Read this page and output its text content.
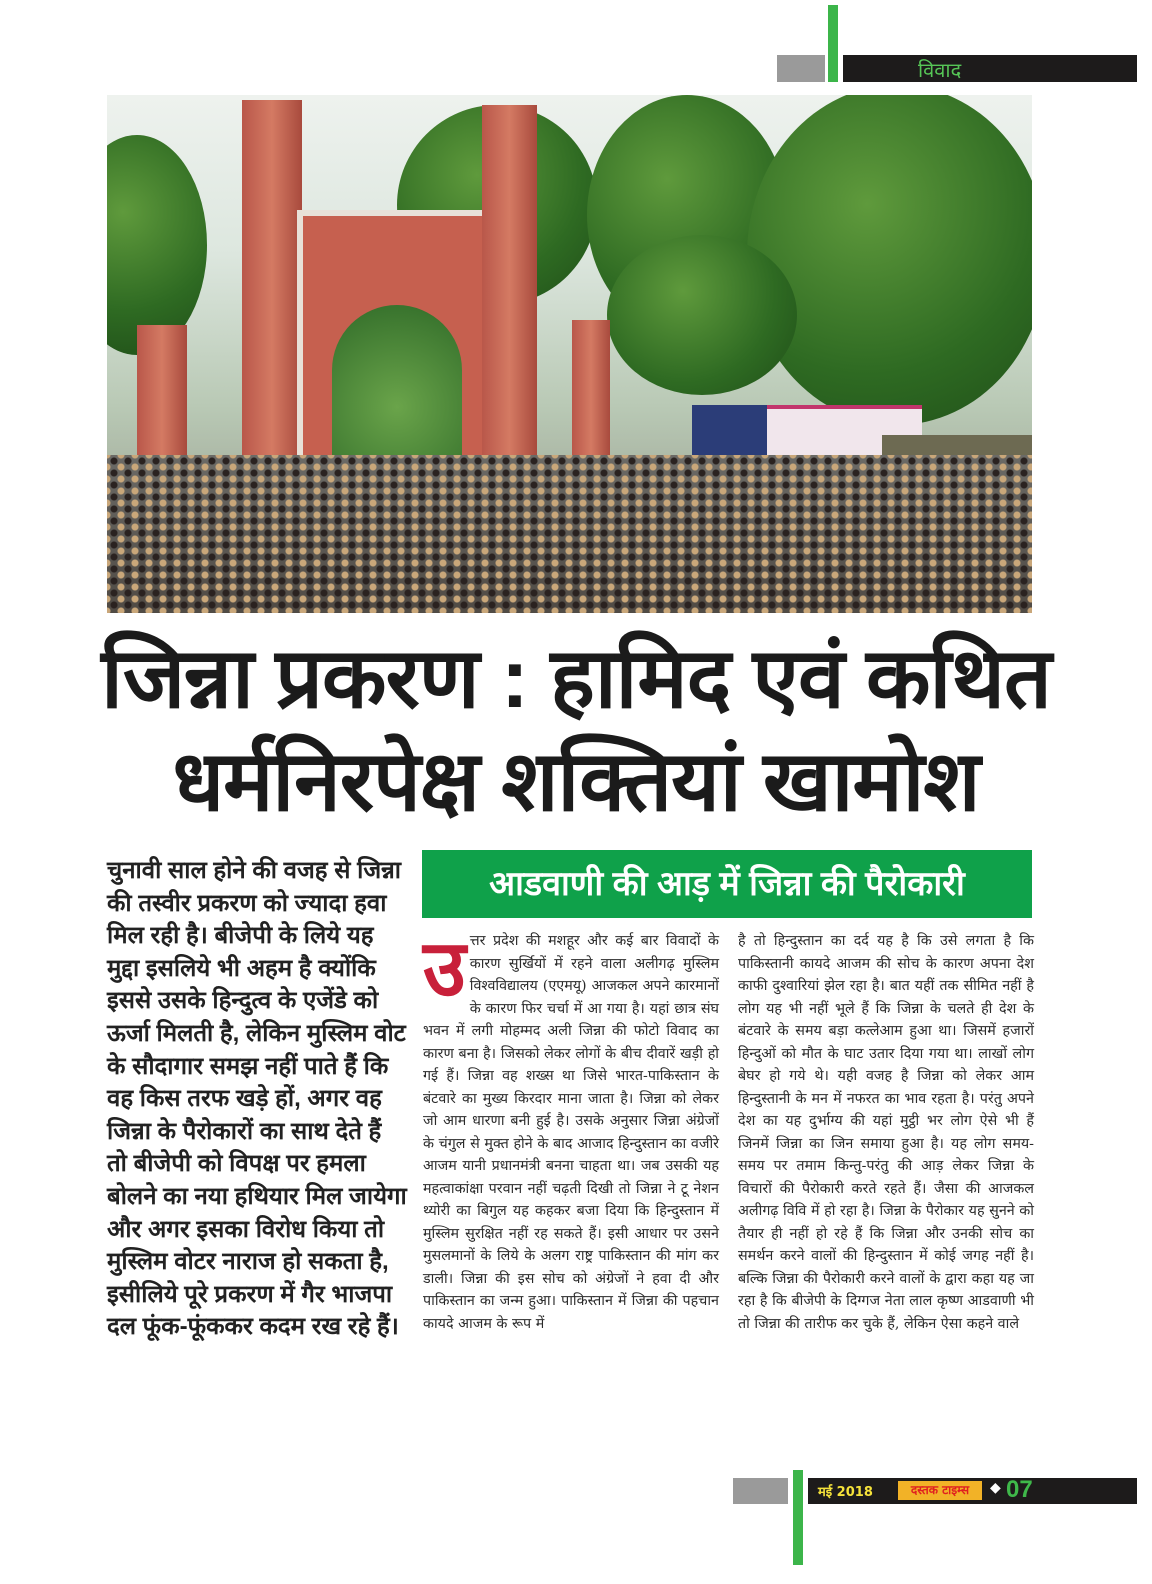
विवाद
जिन्ना प्रकरण : हामिद एवं कथित
धर्मनिरपेक्ष शक्तियां खामोश
चुनावी साल होने की वजह से जिन्ना की तस्वीर प्रकरण को ज्यादा हवा मिल रही है। बीजेपी के लिये यह मुद्दा इसलिये भी अहम है क्योंकि इससे उसके हिन्दुत्व के एजेंडे को ऊर्जा मिलती है, लेकिन मुस्लिम वोट के सौदागार समझ नहीं पाते हैं कि वह किस तरफ खड़े हों, अगर वह जिन्ना के पैरोकारों का साथ देते हैं तो बीजेपी को विपक्ष पर हमला बोलने का नया हथियार मिल जायेगा और अगर इसका विरोध किया तो मुस्लिम वोटर नाराज हो सकता है, इसीलिये पूरे प्रकरण में गैर भाजपा दल फूंक-फूंककर कदम रख रहे हैं।
आडवाणी की आड़ में जिन्ना की पैरोकारी
उत्तर प्रदेश की मशहूर और कई बार विवादों के कारण सुर्खियों में रहने वाला अलीगढ़ मुस्लिम विश्वविद्यालय (एएमयू) आजकल अपने कारमानों के कारण फिर चर्चा में आ गया है। यहां छात्र संघ भवन में लगी मोहम्मद अली जिन्ना की फोटो विवाद का कारण बना है। जिसको लेकर लोगों के बीच दीवारें खड़ी हो गई हैं। जिन्ना वह शख्स था जिसे भारत-पाकिस्तान के बंटवारे का मुख्य किरदार माना जाता है। जिन्ना को लेकर जो आम धारणा बनी हुई है। उसके अनुसार जिन्ना अंग्रेजों के चंगुल से मुक्त होने के बाद आजाद हिन्दुस्तान का वजीरे आजम यानी प्रधानमंत्री बनना चाहता था। जब उसकी यह महत्वाकांक्षा परवान नहीं चढ़ती दिखी तो जिन्ना ने टू नेशन थ्योरी का बिगुल यह कहकर बजा दिया कि हिन्दुस्तान में मुस्लिम सुरक्षित नहीं रह सकते हैं। इसी आधार पर उसने मुसलमानों के लिये के अलग राष्ट्र पाकिस्तान की मांग कर डाली। जिन्ना की इस सोच को अंग्रेजों ने हवा दी और पाकिस्तान का जन्म हुआ। पाकिस्तान में जिन्ना की पहचान कायदे आजम के रूप में
है तो हिन्दुस्तान का दर्द यह है कि उसे लगता है कि पाकिस्तानी कायदे आजम की सोच के कारण अपना देश काफी दुश्वारियां झेल रहा है। बात यहीं तक सीमित नहीं है लोग यह भी नहीं भूले हैं कि जिन्ना के चलते ही देश के बंटवारे के समय बड़ा कत्लेआम हुआ था। जिसमें हजारों हिन्दुओं को मौत के घाट उतार दिया गया था। लाखों लोग बेघर हो गये थे। यही वजह है जिन्ना को लेकर आम हिन्दुस्तानी के मन में नफरत का भाव रहता है। परंतु अपने देश का यह दुर्भाग्य की यहां मुट्ठी भर लोग ऐसे भी हैं जिनमें जिन्ना का जिन समाया हुआ है। यह लोग समय-समय पर तमाम किन्तु-परंतु की आड़ लेकर जिन्ना के विचारों की पैरोकारी करते रहते हैं। जैसा की आजकल अलीगढ़ विवि में हो रहा है। जिन्ना के पैरोकार यह सुनने को तैयार ही नहीं हो रहे हैं कि जिन्ना और उनकी सोच का समर्थन करने वालों की हिन्दुस्तान में कोई जगह नहीं है। बल्कि जिन्ना की पैरोकारी करने वालों के द्वारा कहा यह जा रहा है कि बीजेपी के दिग्गज नेता लाल कृष्ण आडवाणी भी तो जिन्ना की तारीफ कर चुके हैं, लेकिन ऐसा कहने वाले
मई 2018	दस्तक टाइम्स	◆ 07
